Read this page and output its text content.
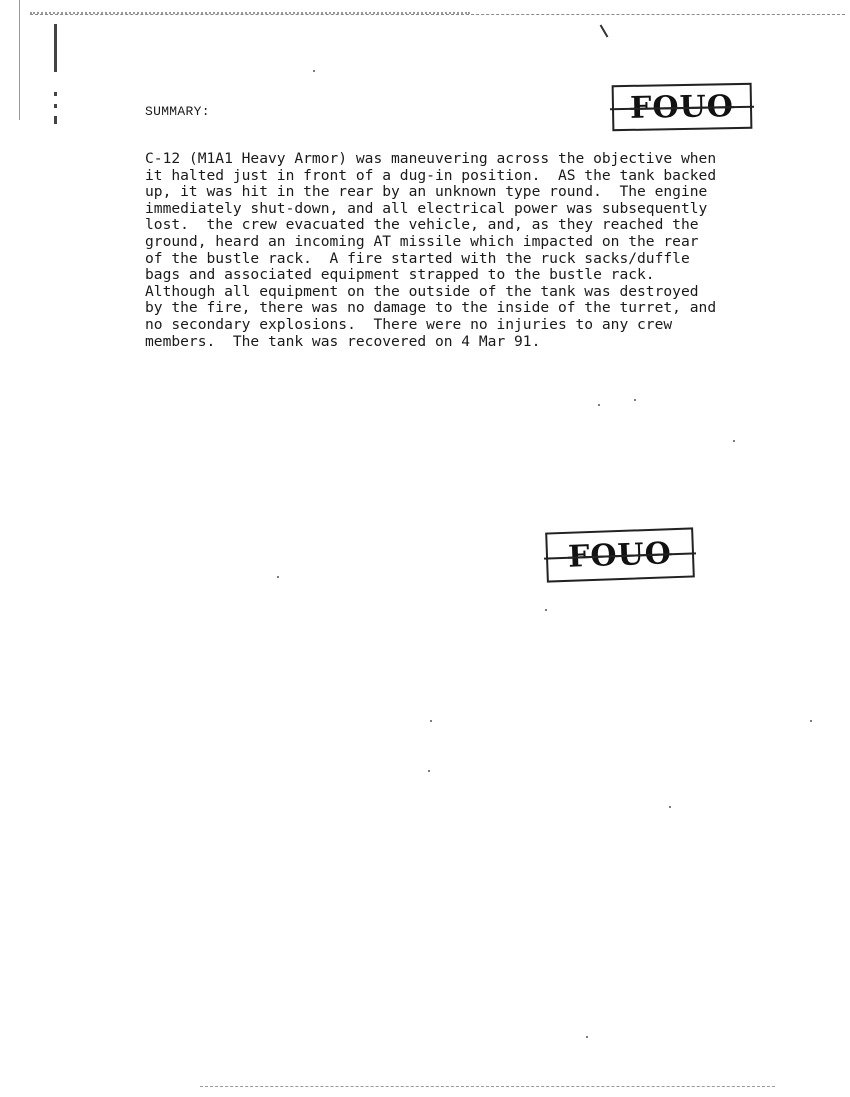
SUMMARY:	FOUO
FOUO
C-12 (M1A1 Heavy Armor) was maneuvering across the objective when
it halted just in front of a dug-in position.  AS the tank backed
up, it was hit in the rear by an unknown type round.  The engine
immediately shut-down, and all electrical power was subsequently
lost.  the crew evacuated the vehicle, and, as they reached the
ground, heard an incoming AT missile which impacted on the rear
of the bustle rack.  A fire started with the ruck sacks/duffle
bags and associated equipment strapped to the bustle rack.
Although all equipment on the outside of the tank was destroyed
by the fire, there was no damage to the inside of the turret, and
no secondary explosions.  There were no injuries to any crew
members.  The tank was recovered on 4 Mar 91.
